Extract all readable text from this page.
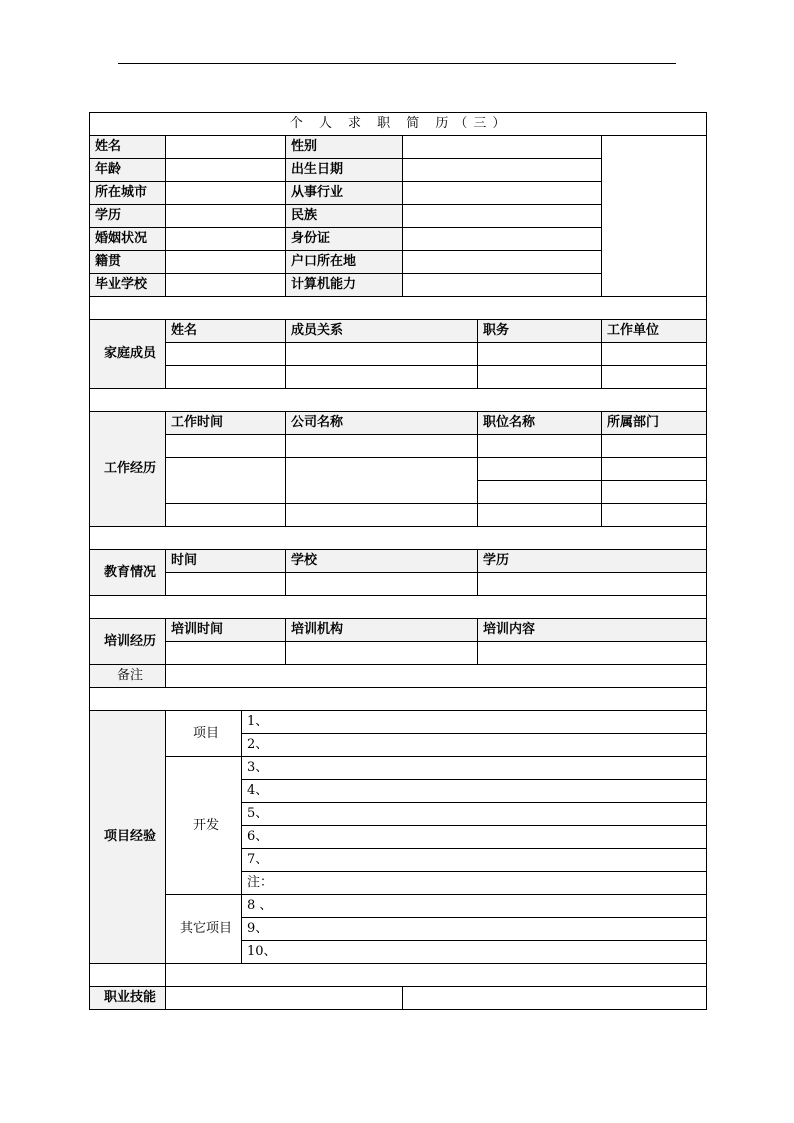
个 人 求 职 简 历（三）						
姓名			性别			
年龄			出生日期			
所在城市			从事行业			
学历			民族			
婚姻状况			身份证			
籍贯			户口所在地			
毕业学校			计算机能力			

家庭成员	姓名		成员关系		职务	工作单位

工作经历	工作时间		公司名称		职位名称	所属部门

教育情况	时间		学校		学历	

培训经历	培训时间		培训机构		培训内容	

备注						

项目经验	项目	1、				
		2、				
	开发	3、				
		4、				
		5、				
		6、				
		7、				
		注：				
	其它项目	8 、				
		9、				
		10、				

职业技能						
